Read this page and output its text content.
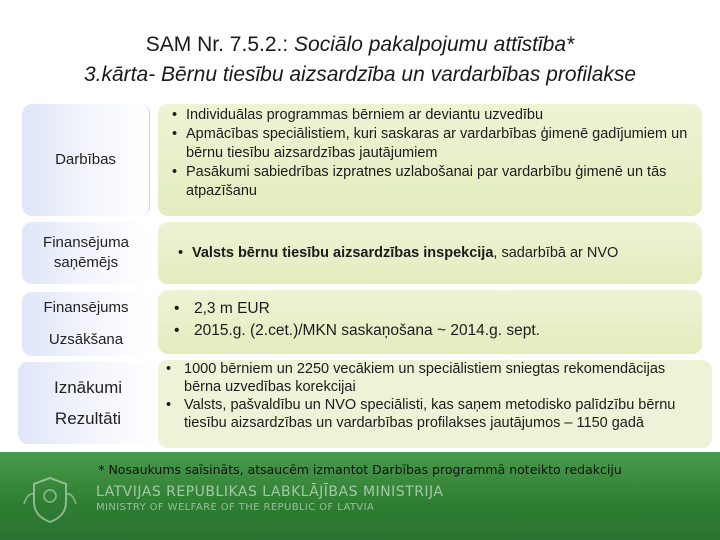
SAM Nr. 7.5.2.: Sociālo pakalpojumu attīstība*
3.kārta- Bērnu tiesību aizsardzība un vardarbības profilakse
Darbības
• Individuālas programmas bērniem ar deviantu uzvedību
• Apmācības speciālistiem, kuri saskaras ar vardarbības ģimenē gadījumiem un bērnu tiesību aizsardzības jautājumiem
• Pasākumi sabiedrības izpratnes uzlabošanai par vardarbību ģimenē un tās atpazīšanu
Finansējuma saņēmējs
• Valsts bērnu tiesību aizsardzības inspekcija, sadarbībā ar NVO
Finansējums
Uzsākšana
• 2,3 m EUR
• 2015.g. (2.cet.)/MKN saskaņošana ~ 2014.g. sept.
Iznākumi
Rezultāti
• 1000 bērniem un 2250 vecākiem un speciālistiem sniegtas rekomendācijas bērna uzvedības korekcijai
• Valsts, pašvaldību un NVO speciālisti, kas saņem metodisko palīdzību bērnu tiesību aizsardzības un vardarbības profilakses jautājumos – 1150 gadā
* Nosaukums saīsināts, atsaucēm izmantot Darbības programmā noteikto redakciju
LATVIJAS REPUBLIKAS LABKLĀJĪBAS MINISTRIJA
MINISTRY OF WELFARE OF THE REPUBLIC OF LATVIA
